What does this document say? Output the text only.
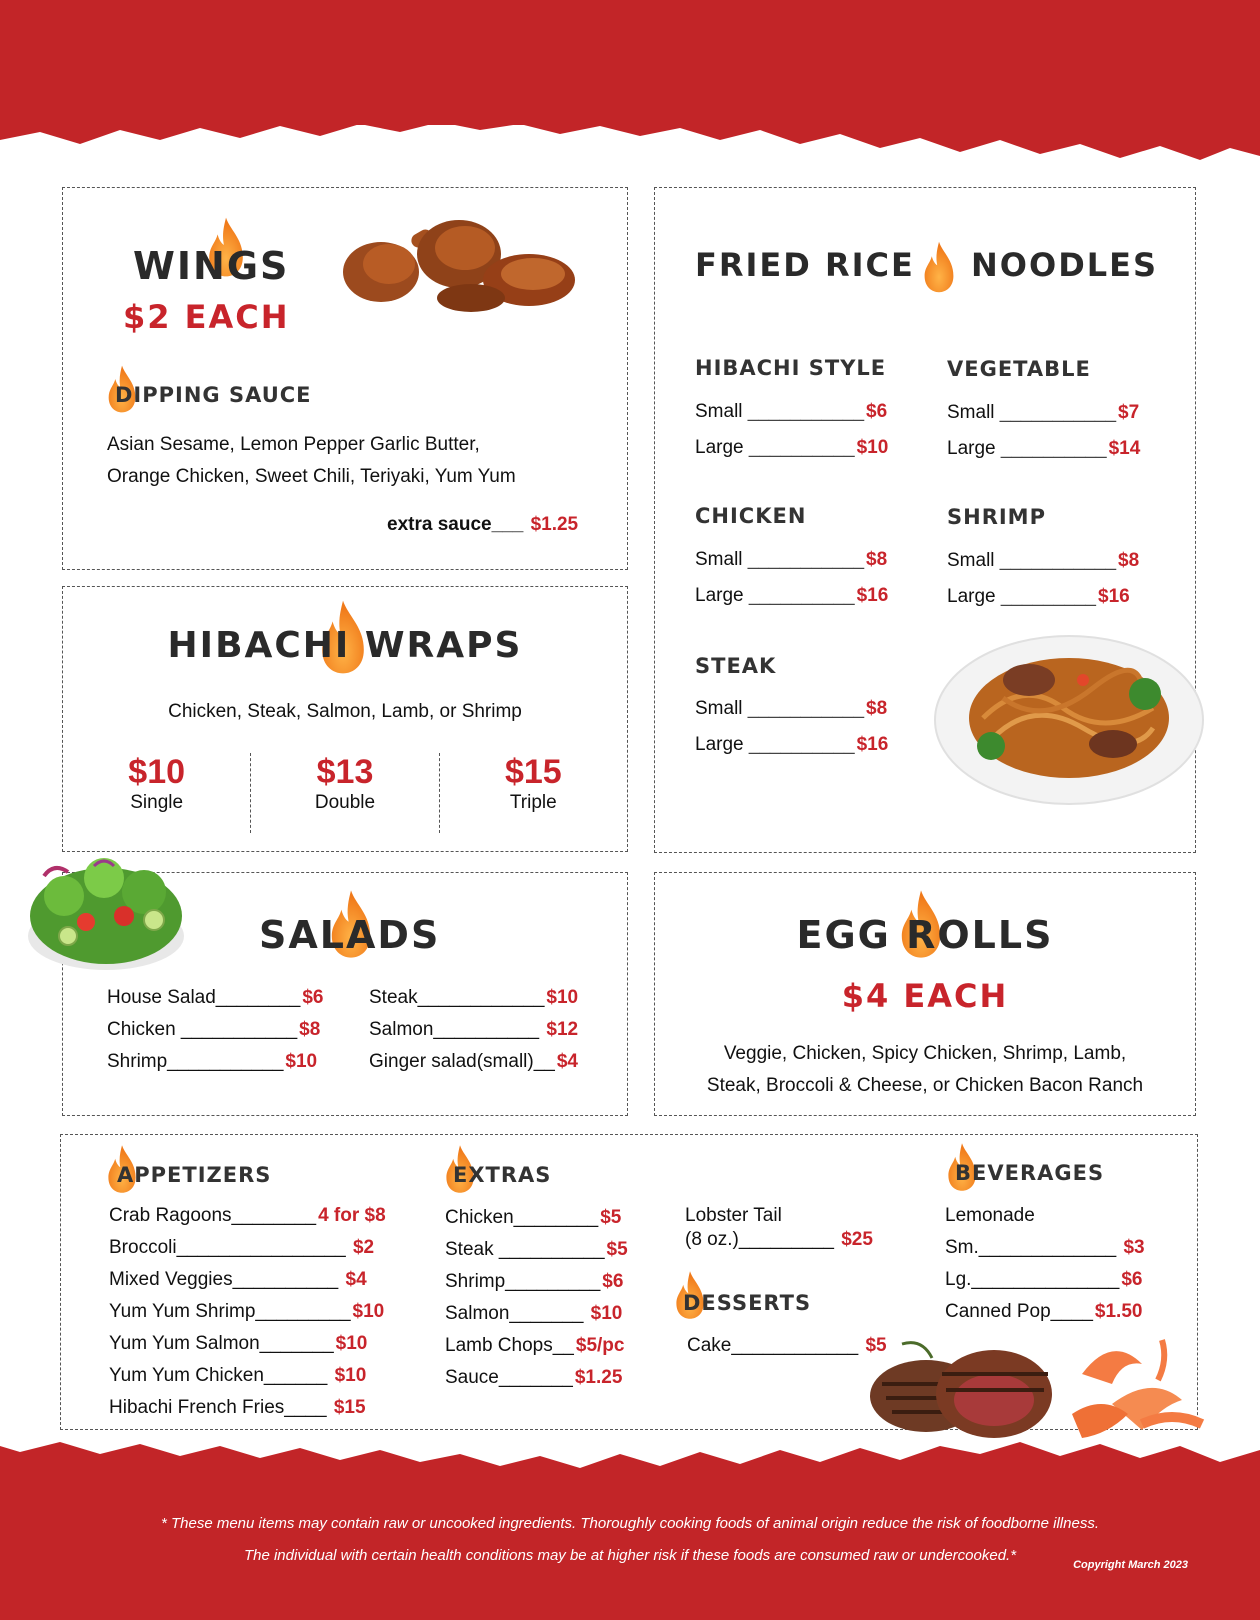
WINGS
$2 EACH
DIPPING SAUCE
Asian Sesame, Lemon Pepper Garlic Butter,
Orange Chicken, Sweet Chili, Teriyaki, Yum Yum
extra sauce___ $1.25
HIBACHI WRAPS
Chicken, Steak, Salmon, Lamb, or Shrimp
$10
Single
$13
Double
$15
Triple
FRIED RICE NOODLES
HIBACHI STYLE
Small ___________ $6
Large __________ $10
VEGETABLE
Small ___________ $7
Large __________ $14
CHICKEN
Small ___________ $8
Large __________ $16
SHRIMP
Small ___________ $8
Large _________ $16
STEAK
Small ___________ $8
Large __________ $16
SALADS
House Salad________ $6
Chicken ___________ $8
Shrimp___________ $10
Steak____________ $10
Salmon__________ $12
Ginger salad(small)__ $4
EGG ROLLS
$4 EACH
Veggie, Chicken, Spicy Chicken, Shrimp, Lamb,
Steak, Broccoli & Cheese, or Chicken Bacon Ranch
APPETIZERS
Crab Ragoons________ 4 for $8
Broccoli________________ $2
Mixed Veggies__________ $4
Yum Yum Shrimp_________ $10
Yum Yum Salmon_______ $10
Yum Yum Chicken______ $10
Hibachi French Fries____ $15
EXTRAS
Chicken________ $5
Steak __________ $5
Shrimp_________ $6
Salmon_______ $10
Lamb Chops__ $5/pc
Sauce_______ $1.25
Lobster Tail
(8 oz.)_________ $25
DESSERTS
Cake____________ $5
BEVERAGES
Lemonade
Sm._____________ $3
Lg.______________ $6
Canned Pop____ $1.50
* These menu items may contain raw or uncooked ingredients. Thoroughly cooking foods of animal origin reduce the risk of foodborne illness.
The individual with certain health conditions may be at higher risk if these foods are consumed raw or undercooked.*
Copyright March 2023
